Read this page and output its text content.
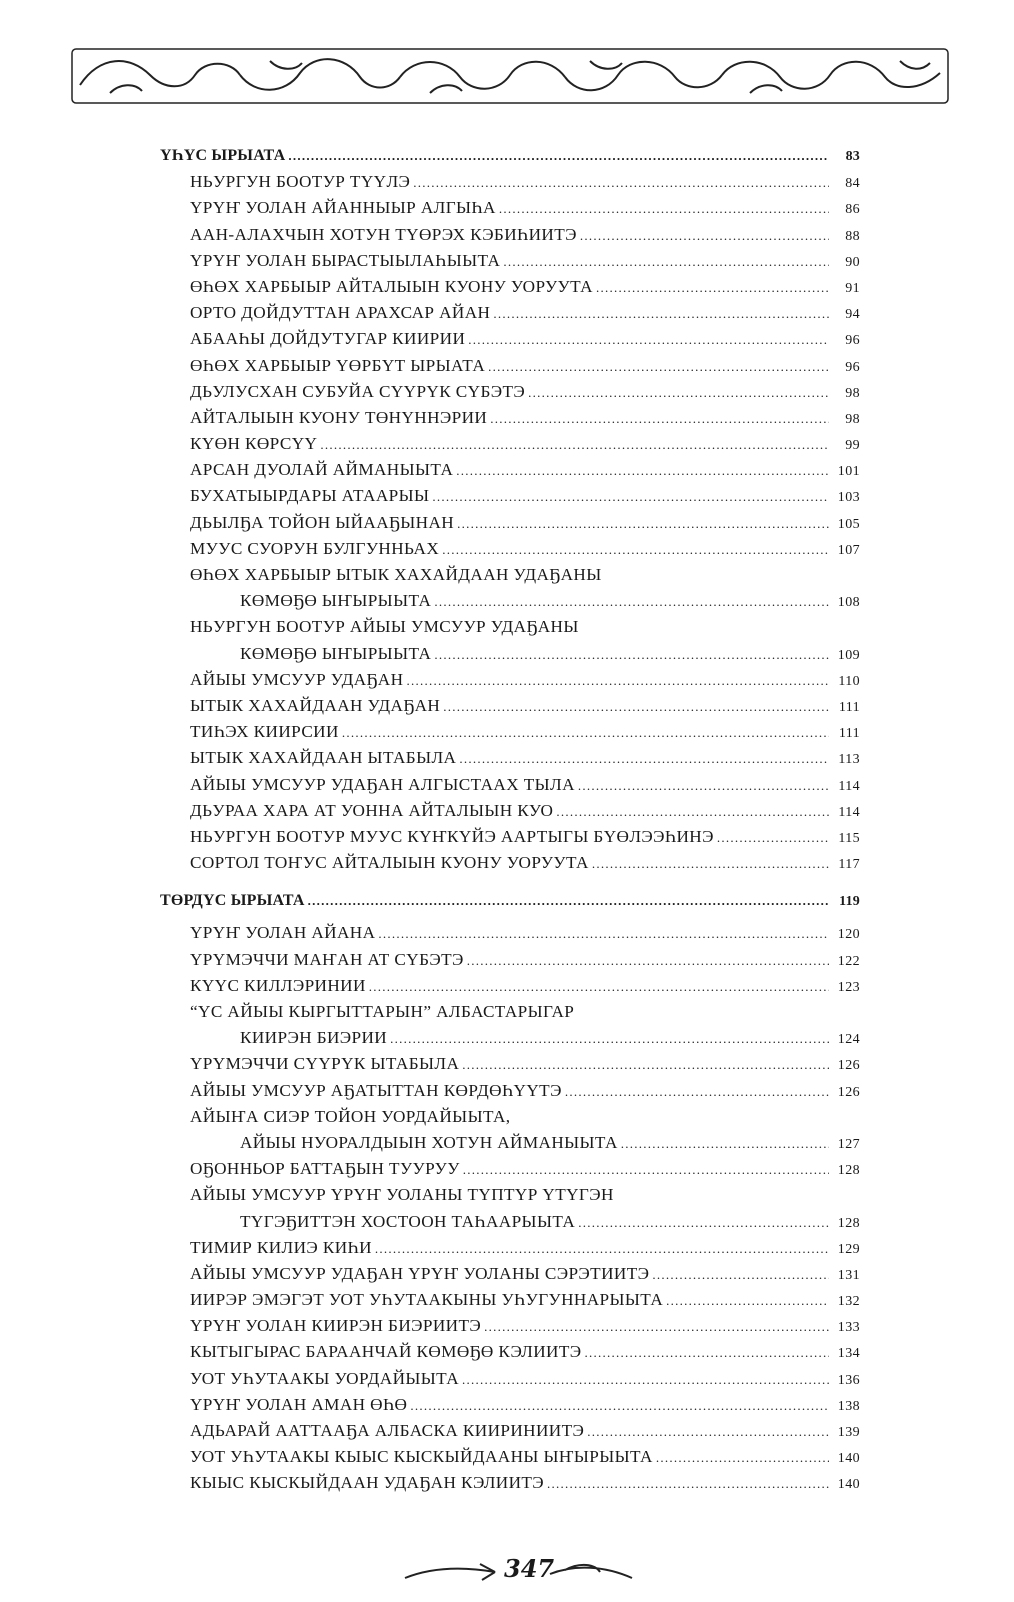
ҮҺҮС ЫРЫАТА . . .	83
НЬУРГУН БООТУР ТҮҮЛЭ . . .	84
ҮРҮҤ УОЛАН АЙАННЫЫР АЛГЫҺА . . .	86
ААН-АЛАХЧЫН ХОТУН ТҮӨРЭХ КЭБИҺИИТЭ . . .	88
ҮРҮҤ УОЛАН БЫРАСТЫЫЛАҺЫЫТА . . .	90
ӨҺӨХ ХАРБЫЫР АЙТАЛЫЫН КУОНУ УОРУУТА . . .	91
ОРТО ДОЙДУТТАН АРАХСАР АЙАН . . .	94
АБААҺЫ ДОЙДУТУГАР КИИРИИ . . .	96
ӨҺӨХ ХАРБЫЫР ҮӨРБҮТ ЫРЫАТА . . .	96
ДЬУЛУСХАН СУБУЙА СҮҮРҮК СҮБЭТЭ . . .	98
АЙТАЛЫЫН КУОНУ ТӨНҮННЭРИИ . . .	98
КҮӨН КӨРСҮҮ . . .	99
АРСАН ДУОЛАЙ АЙМАНЫЫТА . . .	101
БУХАТЫЫРДАРЫ АТААРЫЫ . . .	103
ДЬЫЛҔА ТОЙОН ЫЙААҔЫНАН . . .	105
МУУС СУОРУН БУЛГУННЬАХ . . .	107
ӨҺӨХ ХАРБЫЫР ЫТЫК ХАХАЙДААН УДАҔАНЫ
КӨМӨҔӨ ЫҤЫРЫЫТА . . .	108
НЬУРГУН БООТУР АЙЫЫ УМСУУР УДАҔАНЫ
КӨМӨҔӨ ЫҤЫРЫЫТА . . .	109
АЙЫЫ УМСУУР УДАҔАН . . .	110
ЫТЫК ХАХАЙДААН УДАҔАН . . .	111
ТИҺЭХ КИИРСИИ . . .	111
ЫТЫК ХАХАЙДААН ЫТАБЫЛА . . .	113
АЙЫЫ УМСУУР УДАҔАН АЛГЫСТААХ ТЫЛА . . .	114
ДЬУРАА ХАРА АТ УОННА АЙТАЛЫЫН КУО . . .	114
НЬУРГУН БООТУР МУУС КҮҤКҮЙЭ ААРТЫГЫ БҮӨЛЭЭҺИНЭ . . .	115
СОРТОЛ ТОҤУС АЙТАЛЫЫН КУОНУ УОРУУТА . . .	117
ТӨРДҮС ЫРЫАТА . . .	119
ҮРҮҤ УОЛАН АЙАНА . . .	120
ҮРҮМЭЧЧИ МАҤАН АТ СҮБЭТЭ . . .	122
КҮҮС КИЛЛЭРИНИИ . . .	123
“ҮС АЙЫЫ КЫРГЫТТАРЫН” АЛБАСТАРЫГАР
КИИРЭН БИЭРИИ . . .	124
ҮРҮМЭЧЧИ СҮҮРҮК ЫТАБЫЛА . . .	126
АЙЫЫ УМСУУР АҔАТЫТТАН КӨРДӨҺҮҮТЭ . . .	126
АЙЫҤА СИЭР ТОЙОН УОРДАЙЫЫТА,
АЙЫЫ НУОРАЛДЫЫН ХОТУН АЙМАНЫЫТА . . .	127
ОҔОННЬОР БАТТАҔЫН ТУУРУУ . . .	128
АЙЫЫ УМСУУР ҮРҮҤ УОЛАНЫ ТҮПТҮР ҮТҮГЭН
ТҮГЭҔИТТЭН ХОСТООН ТАҺААРЫЫТА . . .	128
ТИМИР КИЛИЭ КИҺИ . . .	129
АЙЫЫ УМСУУР УДАҔАН ҮРҮҤ УОЛАНЫ СЭРЭТИИТЭ . . .	131
ИИРЭР ЭМЭГЭТ УОТ УҺУТААКЫНЫ УҺУГУННАРЫЫТА . . .	132
ҮРҮҤ УОЛАН КИИРЭН БИЭРИИТЭ . . .	133
КЫТЫГЫРАС БАРААНЧАЙ КӨМӨҔӨ КЭЛИИТЭ . . .	134
УОТ УҺУТААКЫ УОРДАЙЫЫТА . . .	136
ҮРҮҤ УОЛАН АМАН ӨҺӨ . . .	138
АДЬАРАЙ ААТТААҔА АЛБАСКА КИИРИНИИТЭ . . .	139
УОТ УҺУТААКЫ КЫЫС КЫСКЫЙДААНЫ ЫҤЫРЫЫТА . . .	140
КЫЫС КЫСКЫЙДААН УДАҔАН КЭЛИИТЭ . . .	140
347
